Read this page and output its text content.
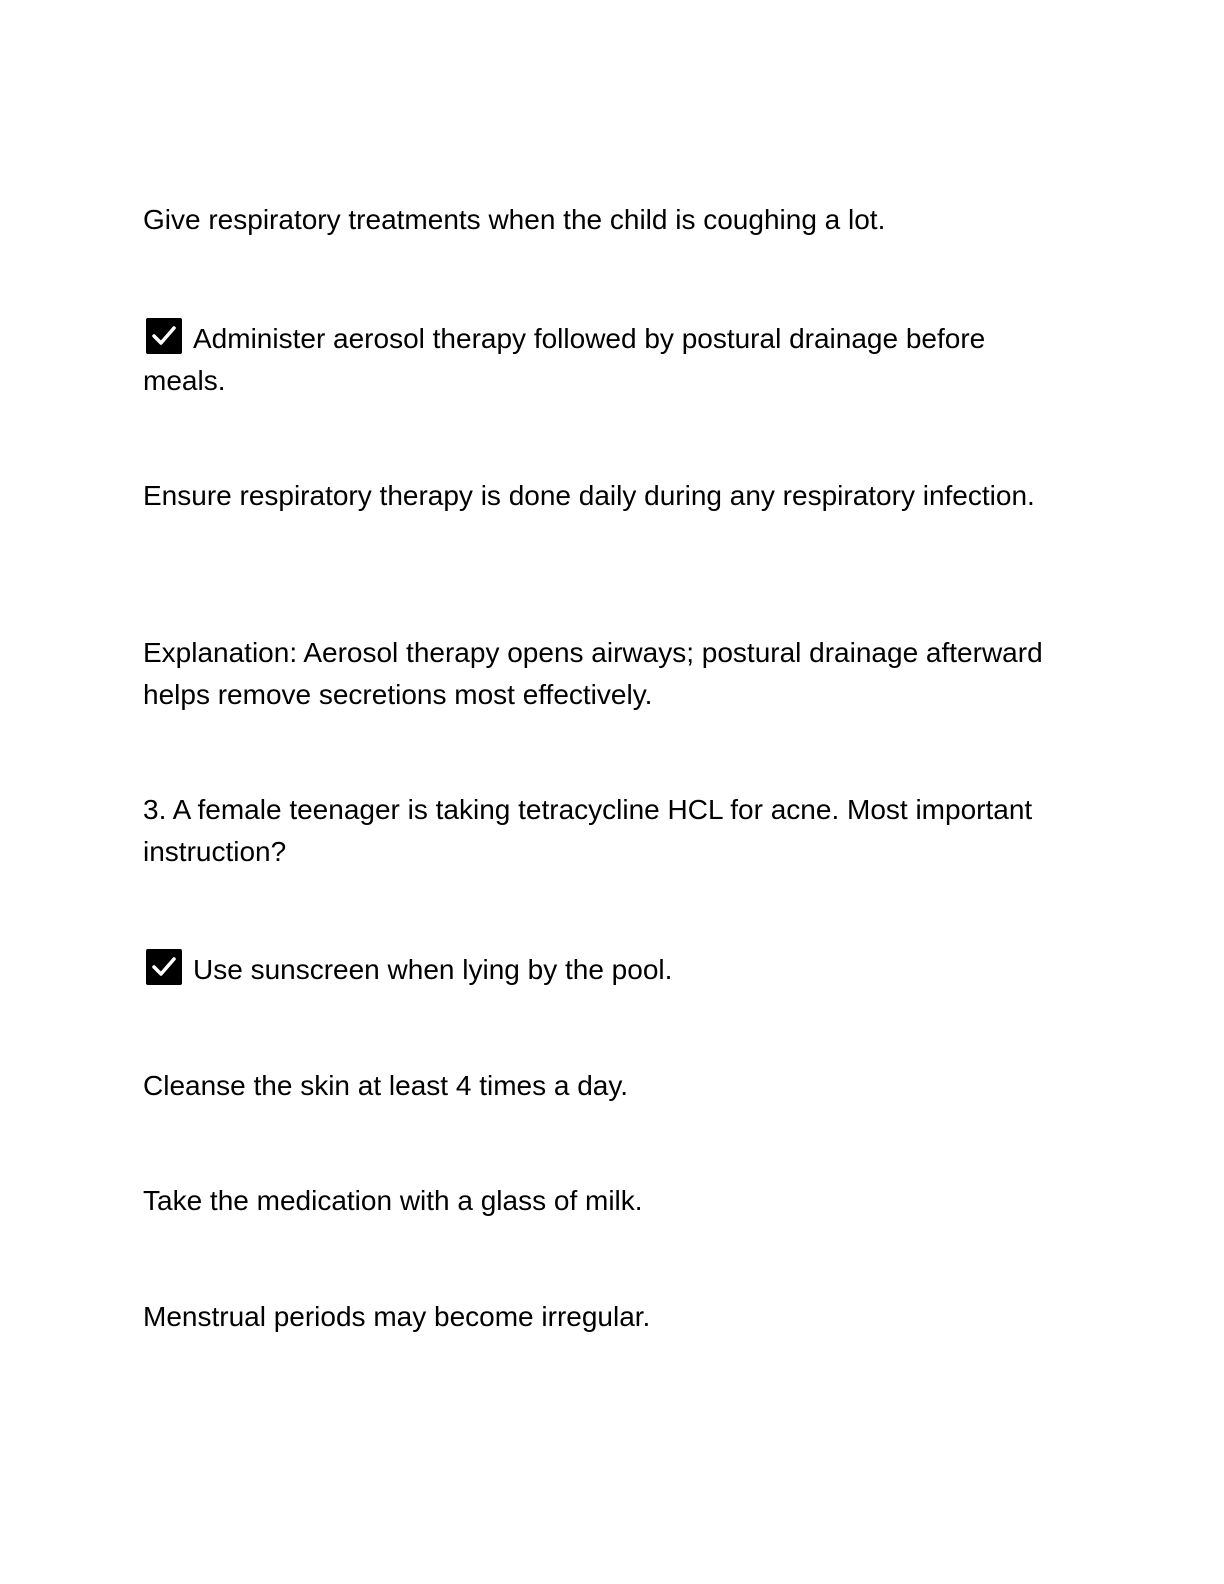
Give respiratory treatments when the child is coughing a lot.
Administer aerosol therapy followed by postural drainage before meals.
Ensure respiratory therapy is done daily during any respiratory infection.
Explanation: Aerosol therapy opens airways; postural drainage afterward helps remove secretions most effectively.
3. A female teenager is taking tetracycline HCL for acne. Most important instruction?
Use sunscreen when lying by the pool.
Cleanse the skin at least 4 times a day.
Take the medication with a glass of milk.
Menstrual periods may become irregular.
